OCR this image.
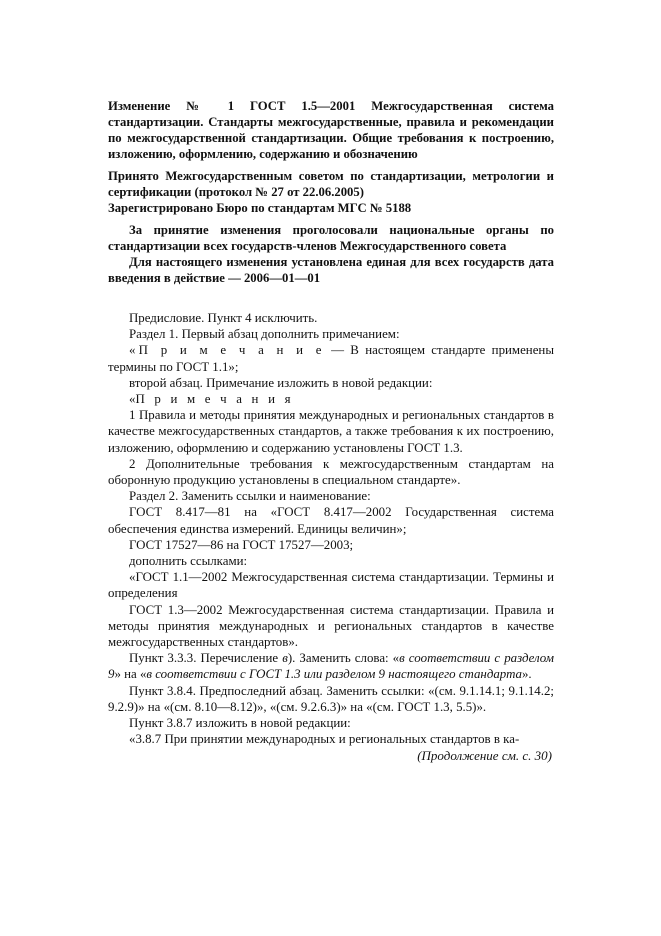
Изменение № 1 ГОСТ 1.5—2001 Межгосударственная система стандартизации. Стандарты межгосударственные, правила и рекомендации по межгосударственной стандартизации. Общие требования к построению, изложению, оформлению, содержанию и обозначению

Принято Межгосударственным советом по стандартизации, метрологии и сертификации (протокол № 27 от 22.06.2005)

Зарегистрировано Бюро по стандартам МГС № 5188

За принятие изменения проголосовали национальные органы по стандартизации всех государств-членов Межгосударственного совета

Для настоящего изменения установлена единая для всех государств дата введения в действие — 2006—01—01

Предисловие. Пункт 4 исключить.

Раздел 1. Первый абзац дополнить примечанием:

«П р и м е ч а н и е — В настоящем стандарте применены термины по ГОСТ 1.1»;

второй абзац. Примечание изложить в новой редакции:

«П р и м е ч а н и я

1 Правила и методы принятия международных и региональных стандартов в качестве межгосударственных стандартов, а также требования к их построению, изложению, оформлению и содержанию установлены ГОСТ 1.3.

2 Дополнительные требования к межгосударственным стандартам на оборонную продукцию установлены в специальном стандарте».

Раздел 2. Заменить ссылки и наименование:

ГОСТ 8.417—81 на «ГОСТ 8.417—2002 Государственная система обеспечения единства измерений. Единицы величин»;

ГОСТ 17527—86 на ГОСТ 17527—2003;

дополнить ссылками:

«ГОСТ 1.1—2002 Межгосударственная система стандартизации. Термины и определения

ГОСТ 1.3—2002 Межгосударственная система стандартизации. Правила и методы принятия международных и региональных стандартов в качестве межгосударственных стандартов».

Пункт 3.3.3. Перечисление в). Заменить слова: «в соответствии с разделом 9» на «в соответствии с ГОСТ 1.3 или разделом 9 настоящего стандарта».

Пункт 3.8.4. Предпоследний абзац. Заменить ссылки: «(см. 9.1.14.1; 9.1.14.2; 9.2.9)» на «(см. 8.10—8.12)», «(см. 9.2.6.3)» на «(см. ГОСТ 1.3, 5.5)».

Пункт 3.8.7 изложить в новой редакции:

«3.8.7 При принятии международных и региональных стандартов в ка-

(Продолжение см. с. 30)
